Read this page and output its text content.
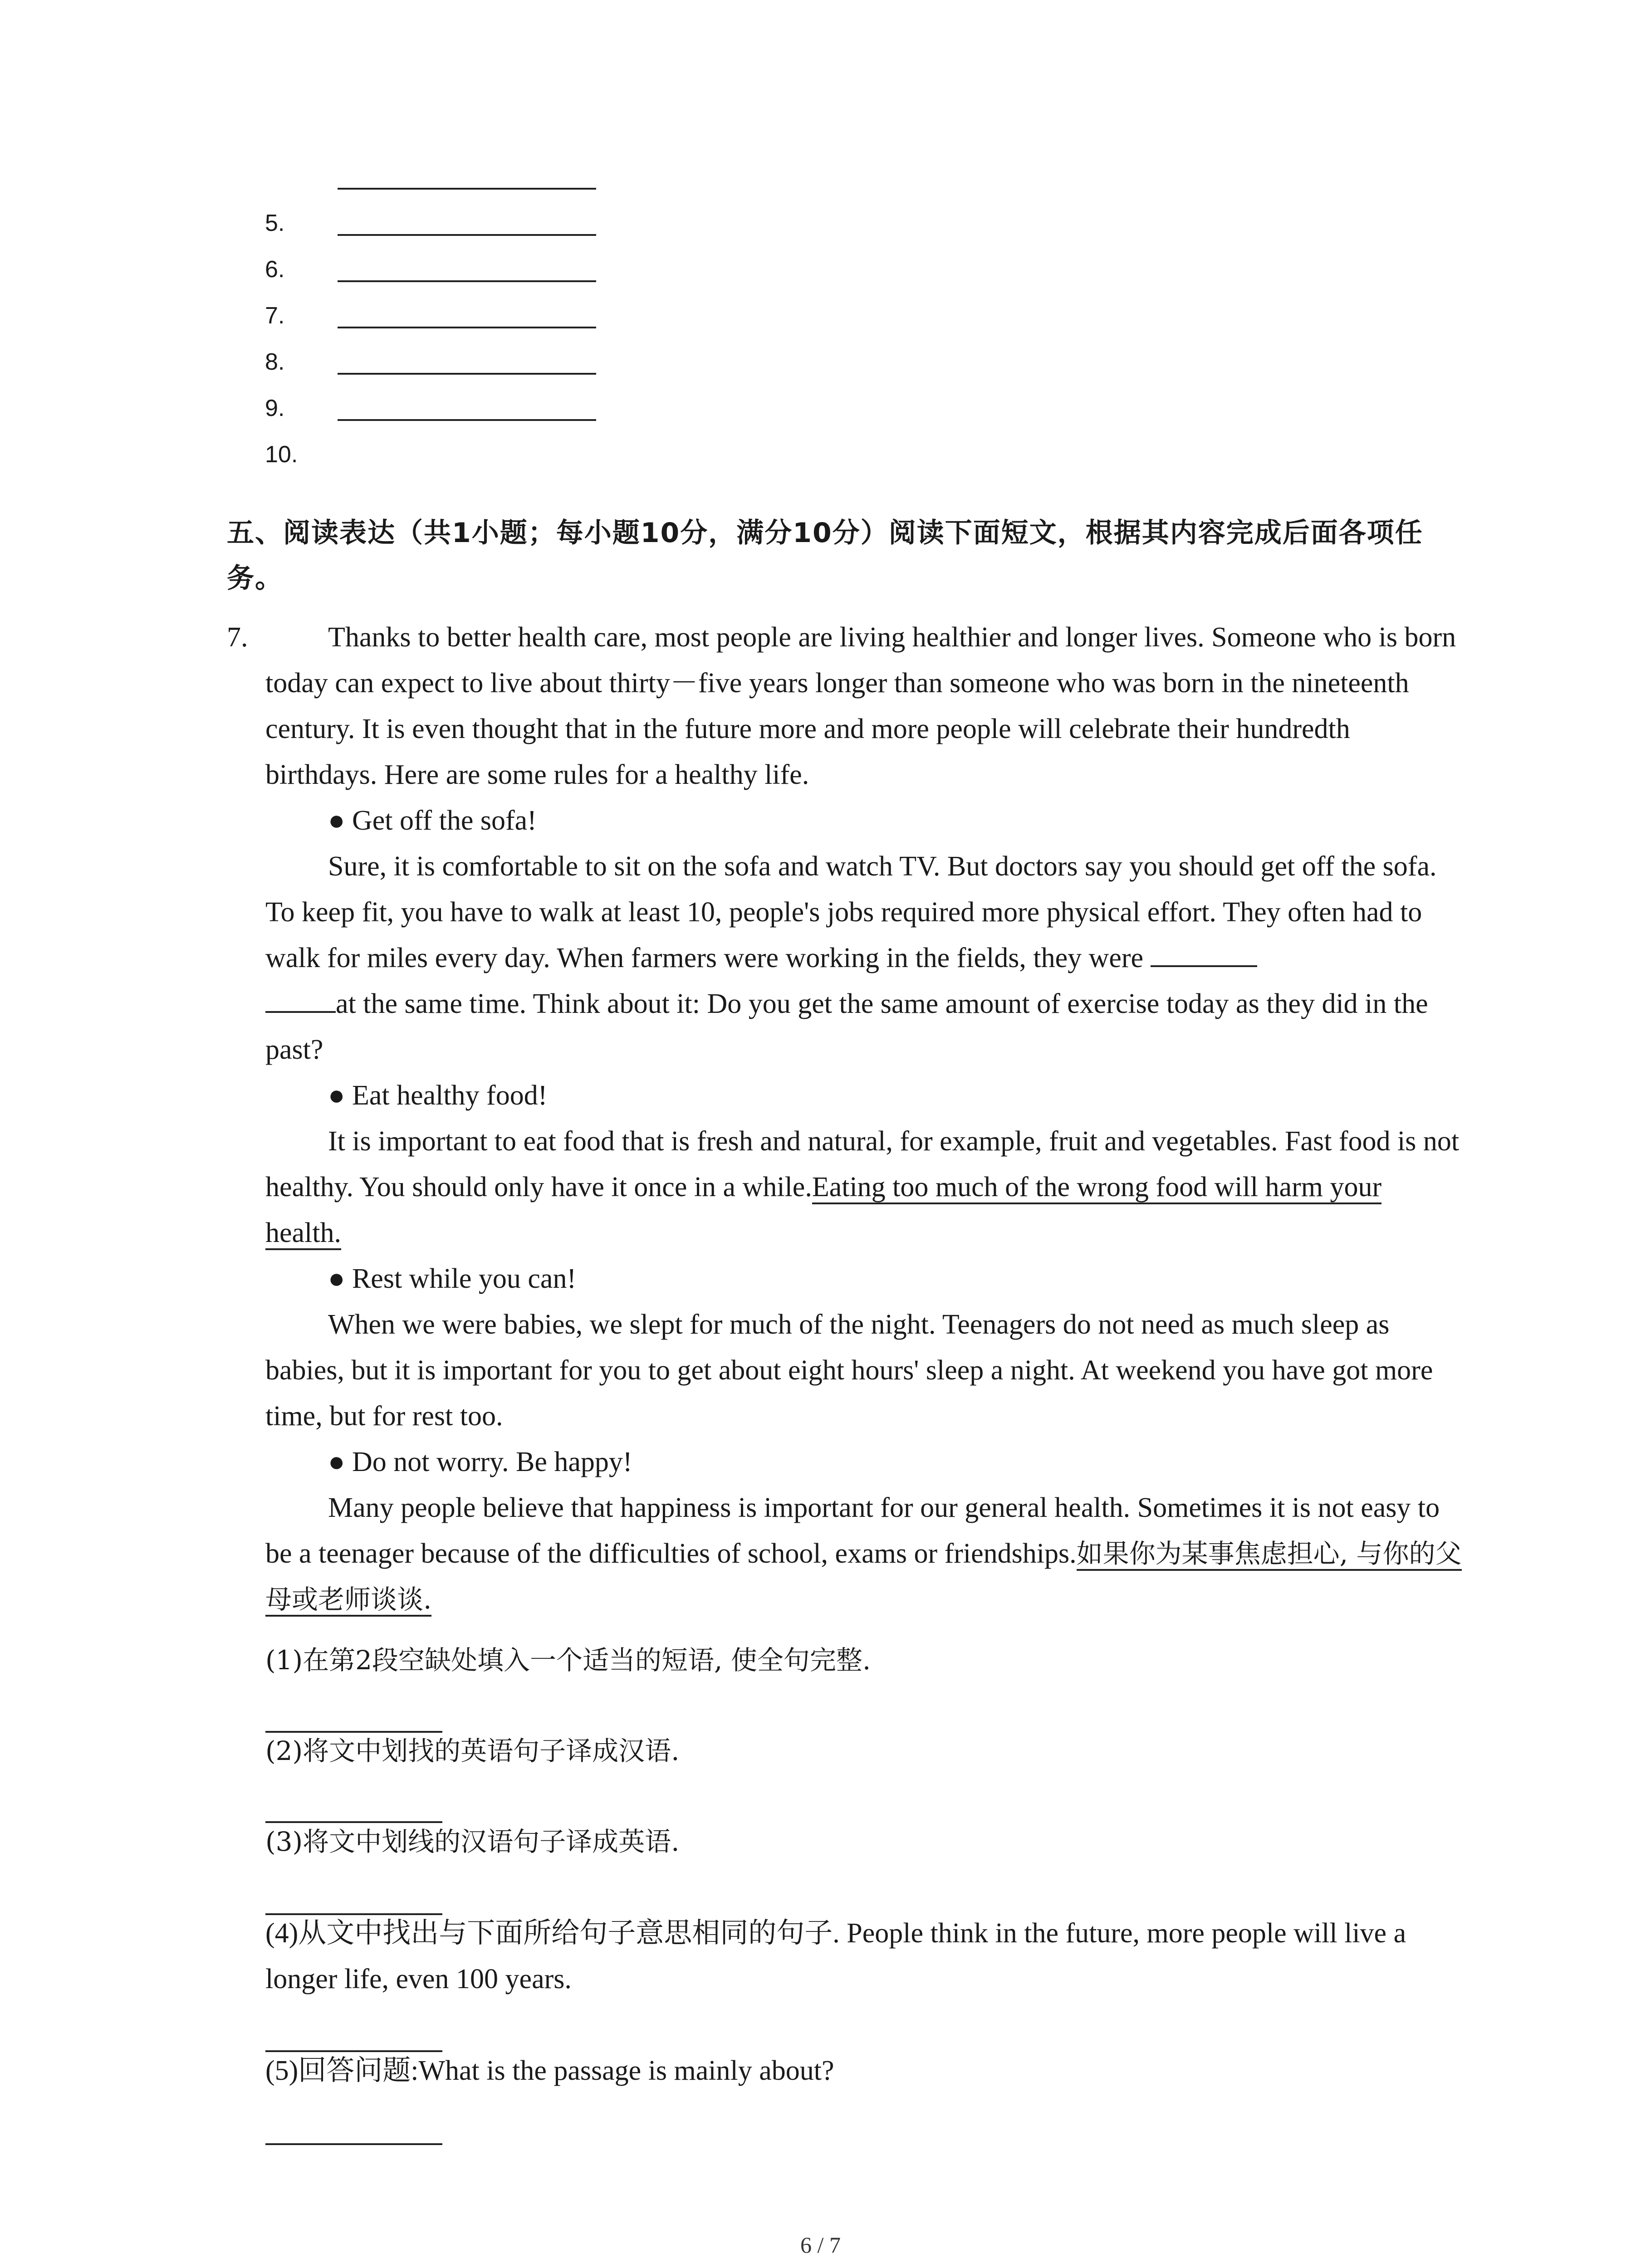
5.
6.
7.
8.
9.
10.
五、阅读表达（共1小题；每小题10分，满分10分）阅读下面短文，根据其内容完成后面各项任务。
7.	Thanks to better health care, most people are living healthier and longer lives. Someone who is born today can expect to live about thirty－five years longer than someone who was born in the nineteenth century. It is even thought that in the future more and more people will celebrate their hundredth birthdays. Here are some rules for a healthy life.

● Get off the sofa!

Sure, it is comfortable to sit on the sofa and watch TV. But doctors say you should get off the sofa. To keep fit, you have to walk at least 10, people's jobs required more physical effort. They often had to walk for miles every day. When farmers were working in the fields, they were
at the same time. Think about it: Do you get the same amount of exercise today as they did in the past?

● Eat healthy food!

It is important to eat food that is fresh and natural, for example, fruit and vegetables. Fast food is not healthy. You should only have it once in a while.Eating too much of the wrong food will harm your health.

● Rest while you can!

When we were babies, we slept for much of the night. Teenagers do not need as much sleep as babies, but it is important for you to get about eight hours' sleep a night. At weekend you have got more time, but for rest too.

● Do not worry. Be happy!

Many people believe that happiness is important for our general health. Sometimes it is not easy to be a teenager because of the difficulties of school, exams or friendships.如果你为某事焦虑担心, 与你的父母或老师谈谈.

(1)在第2段空缺处填入一个适当的短语, 使全句完整.
(2)将文中划找的英语句子译成汉语.
(3)将文中划线的汉语句子译成英语.
(4)从文中找出与下面所给句子意思相同的句子. People think in the future, more people will live a longer life, even 100 years.
(5)回答问题:What is the passage is mainly about?
6 / 7
